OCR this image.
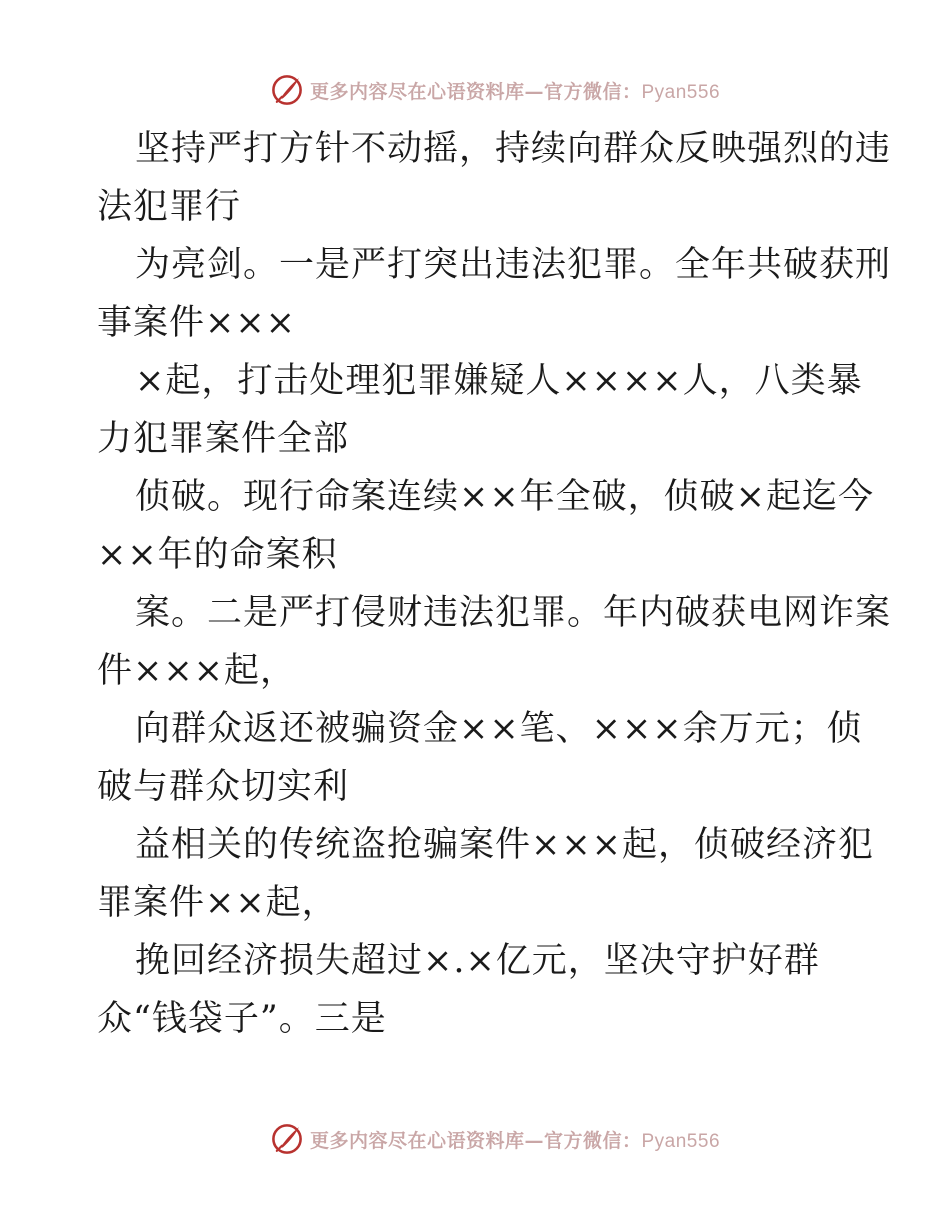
更多内容尽在心语资料库—官方微信：Pyan556
坚持严打方针不动摇，持续向群众反映强烈的违
法犯罪行
为亮剑。一是严打突出违法犯罪。全年共破获刑
事案件×××
×起，打击处理犯罪嫌疑人××××人，八类暴
力犯罪案件全部
侦破。现行命案连续××年全破，侦破×起迄今
××年的命案积
案。二是严打侵财违法犯罪。年内破获电网诈案
件×××起，
向群众返还被骗资金××笔、×××余万元；侦
破与群众切实利
益相关的传统盗抢骗案件×××起，侦破经济犯
罪案件××起，
挽回经济损失超过×.×亿元，坚决守护好群
众“钱袋子”。三是
更多内容尽在心语资料库—官方微信：Pyan556
